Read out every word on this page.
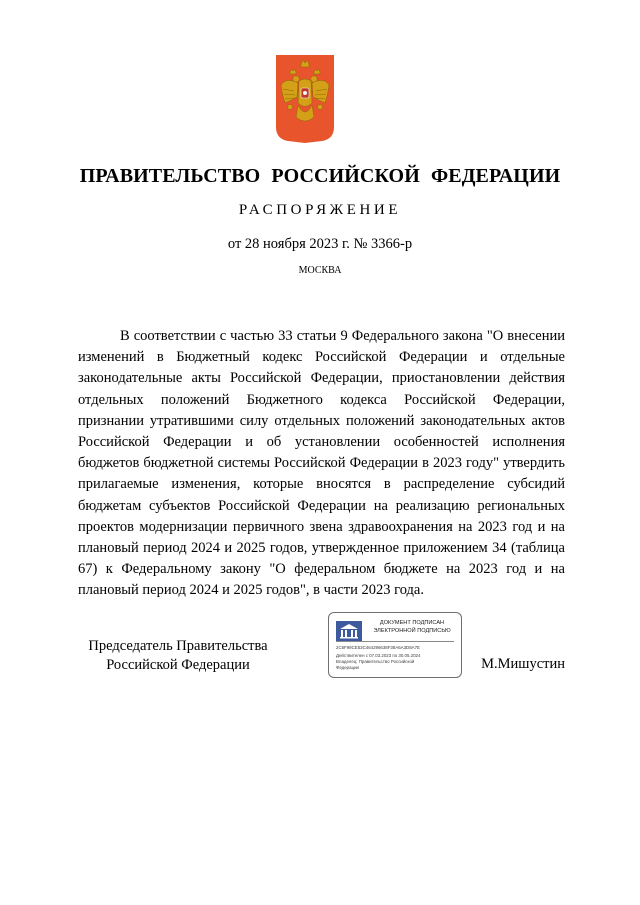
ПРАВИТЕЛЬСТВО РОССИЙСКОЙ ФЕДЕРАЦИИ
РАСПОРЯЖЕНИЕ
от 28 ноября 2023 г. № 3366-р
МОСКВА

В соответствии с частью 33 статьи 9 Федерального закона "О внесении изменений в Бюджетный кодекс Российской Федерации и отдельные законодательные акты Российской Федерации, приостановлении действия отдельных положений Бюджетного кодекса Российской Федерации, признании утратившими силу отдельных положений законодательных актов Российской Федерации и об установлении особенностей исполнения бюджетов бюджетной системы Российской Федерации в 2023 году" утвердить прилагаемые изменения, которые вносятся в распределение субсидий бюджетам субъектов Российской Федерации на реализацию региональных проектов модернизации первичного звена здравоохранения на 2023 год и на плановый период 2024 и 2025 годов, утвержденное приложением 34 (таблица 67) к Федеральному закону "О федеральном бюджете на 2023 год и на плановый период 2024 и 2025 годов", в части 2023 года.

Председатель Правительства
Российской Федерации
ДОКУМЕНТ ПОДПИСАН
ЭЛЕКТРОННОЙ ПОДПИСЬЮ
2C6F99CE53C464296638F38A6A3D8A7E
Действителен с 07.03.2023 по 30.05.2024
Владелец: Правительство Российской
Федерации	М.Мишустин
